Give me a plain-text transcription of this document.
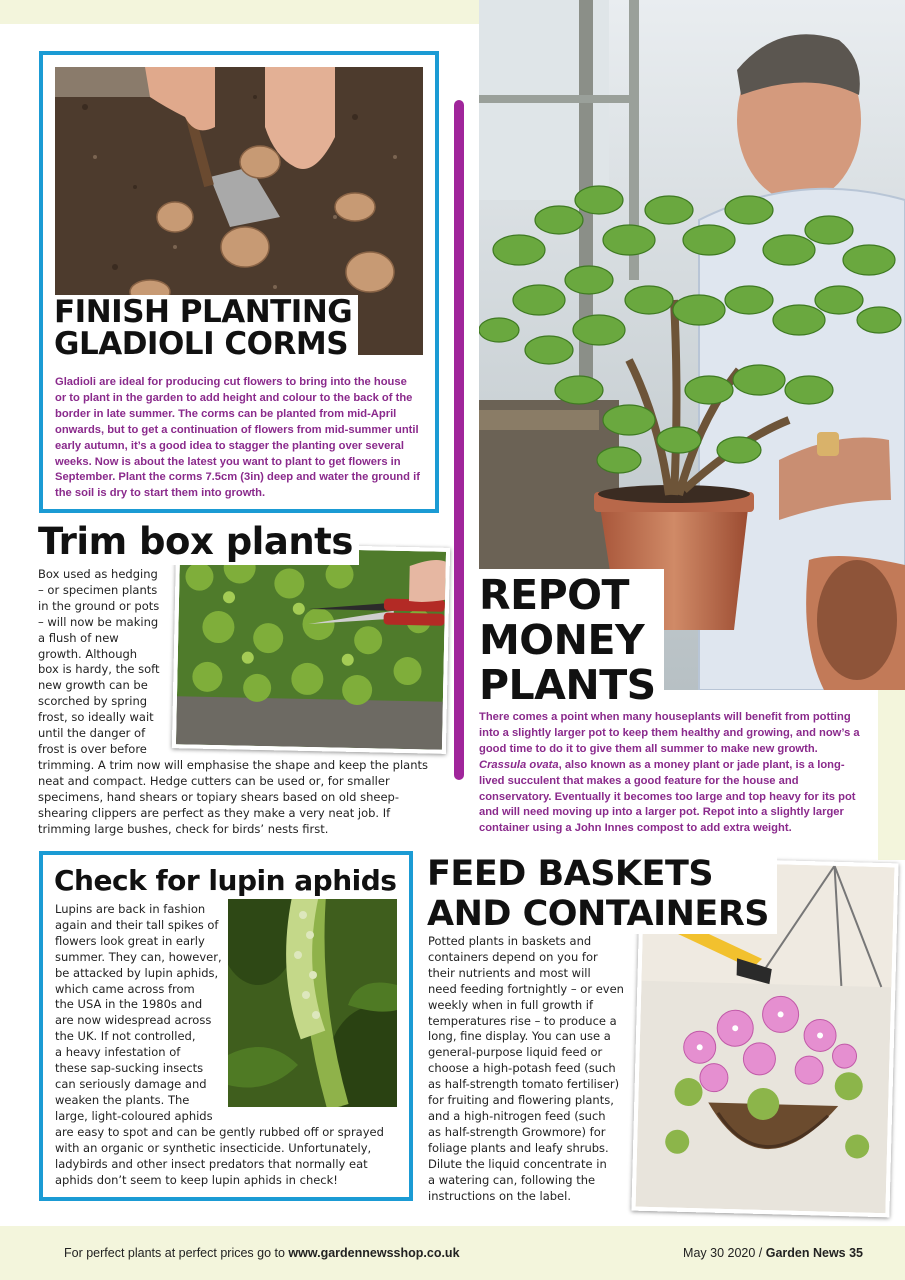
FINISH PLANTING
GLADIOLI CORMS
Gladioli are ideal for producing cut flowers to bring into the house or to plant in the garden to add height and colour to the back of the border in late summer. The corms can be planted from mid-April onwards, but to get a continuation of flowers from mid-summer until early autumn, it’s a good idea to stagger the planting over several weeks. Now is about the latest you want to plant to get flowers in September. Plant the corms 7.5cm (3in) deep and water the ground if the soil is dry to start them into growth.
Trim box plants
Box used as hedging
– or specimen plants
in the ground or pots
– will now be making
a flush of new
growth. Although
box is hardy, the soft
new growth can be
scorched by spring
frost, so ideally wait
until the danger of
frost is over before
trimming. A trim now will emphasise the shape and keep the plants neat and compact. Hedge cutters can be used or, for smaller specimens, hand shears or topiary shears based on old sheep-shearing clippers are perfect as they make a very neat job. If trimming large bushes, check for birds’ nests first.
REPOT
MONEY
PLANTS
There comes a point when many houseplants will benefit from potting into a slightly larger pot to keep them healthy and growing, and now’s a good time to do it to give them all summer to make new growth. Crassula ovata, also known as a money plant or jade plant, is a long-lived succulent that makes a good feature for the house and conservatory. Eventually it becomes too large and top heavy for its pot and will need moving up into a larger pot. Repot into a slightly larger container using a John Innes compost to add extra weight.
Check for lupin aphids
Lupins are back in fashion
again and their tall spikes of
flowers look great in early
summer. They can, however,
be attacked by lupin aphids,
which came across from
the USA in the 1980s and
are now widespread across
the UK. If not controlled,
a heavy infestation of
these sap-sucking insects
can seriously damage and
weaken the plants. The
large, light-coloured aphids
are easy to spot and can be gently rubbed off or sprayed with an organic or synthetic insecticide. Unfortunately, ladybirds and other insect predators that normally eat aphids don’t seem to keep lupin aphids in check!
FEED BASKETS
AND CONTAINERS
Potted plants in baskets and
containers depend on you for
their nutrients and most will
need feeding fortnightly – or even
weekly when in full growth if
temperatures rise – to produce a
long, fine display. You can use a
general-purpose liquid feed or
choose a high-potash feed (such
as half-strength tomato fertiliser)
for fruiting and flowering plants,
and a high-nitrogen feed (such
as half-strength Growmore) for
foliage plants and leafy shrubs.
Dilute the liquid concentrate in
a watering can, following the
instructions on the label.
For perfect plants at perfect prices go to www.gardennewsshop.co.uk	May 30 2020 / Garden News 35
